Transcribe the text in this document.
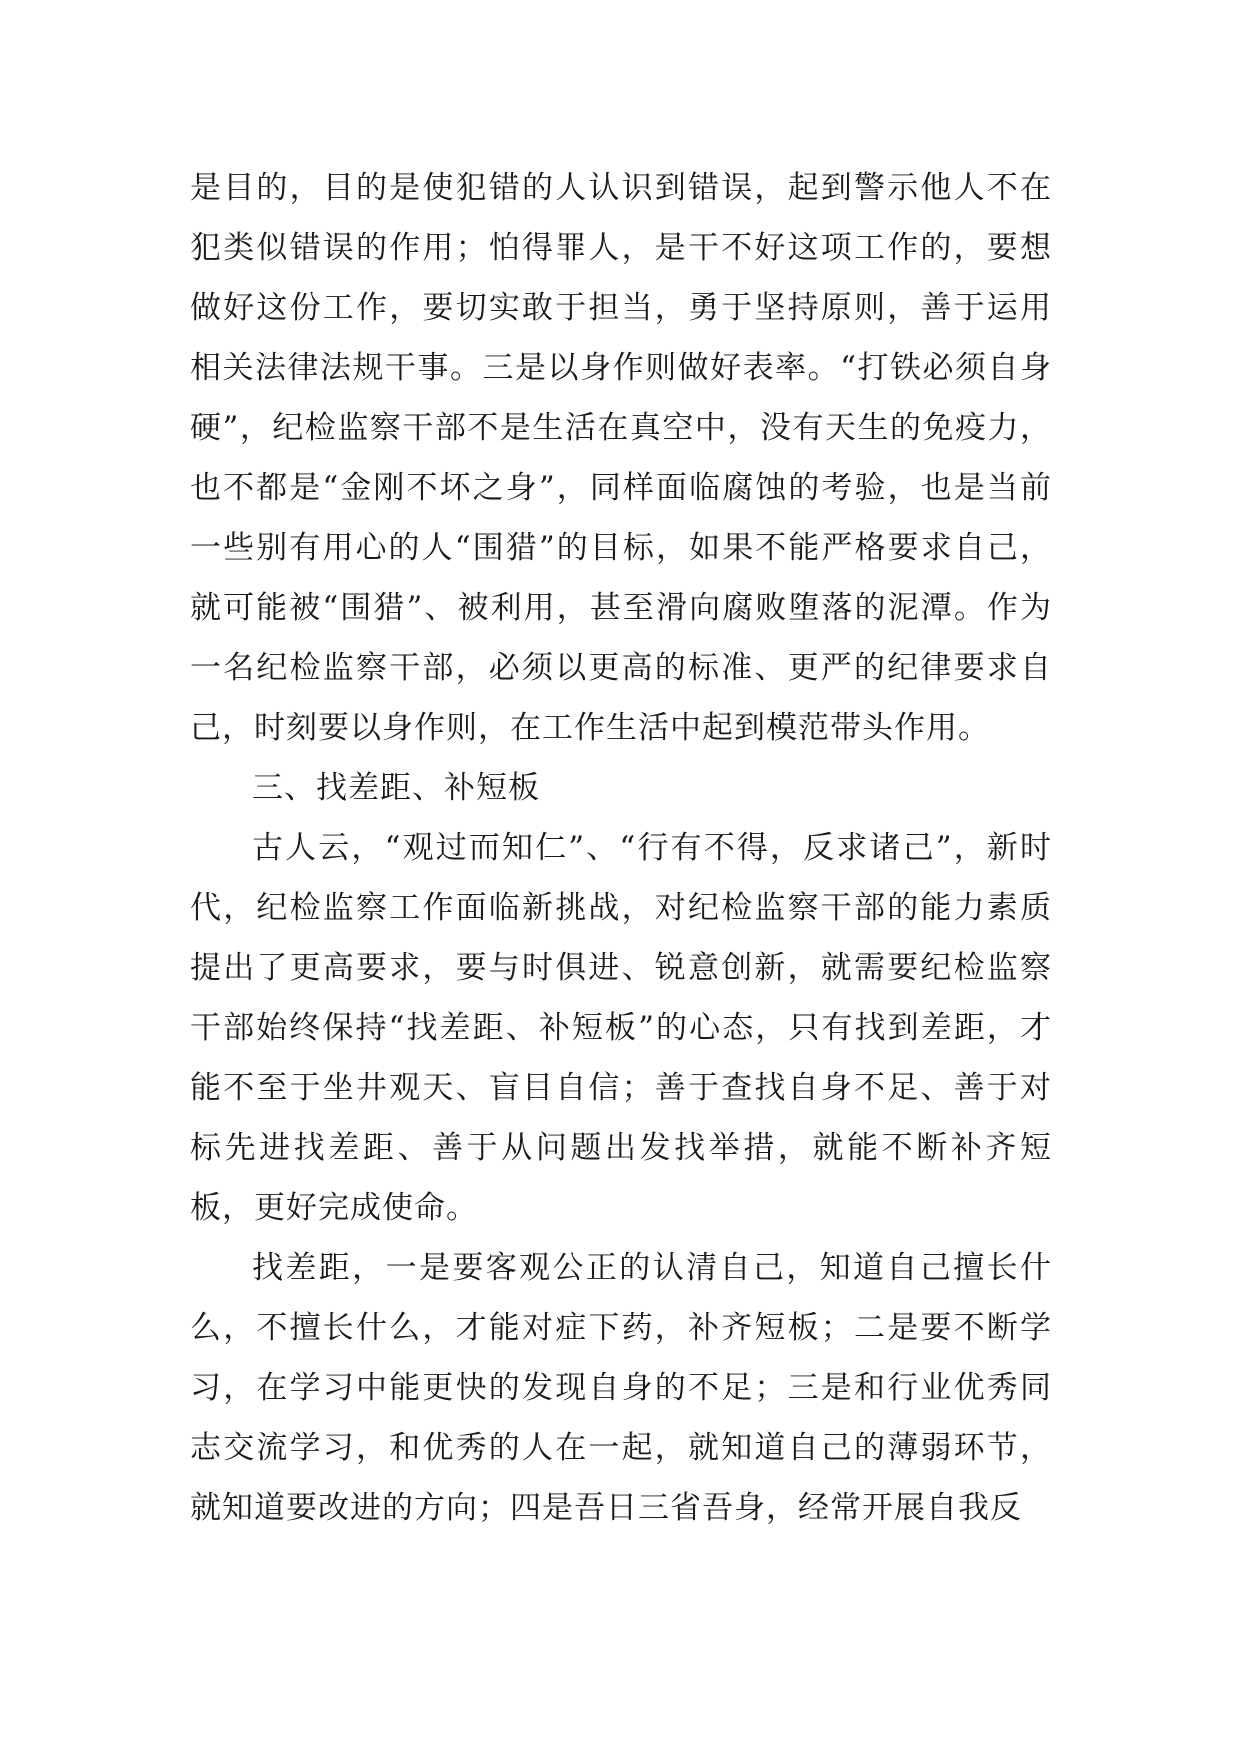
是目的，目的是使犯错的人认识到错误，起到警示他人不在犯类似错误的作用；怕得罪人，是干不好这项工作的，要想做好这份工作，要切实敢于担当，勇于坚持原则，善于运用相关法律法规干事。三是以身作则做好表率。“打铁必须自身硬”，纪检监察干部不是生活在真空中，没有天生的免疫力，也不都是“金刚不坏之身”，同样面临腐蚀的考验，也是当前一些别有用心的人“围猎”的目标，如果不能严格要求自己，就可能被“围猎”、被利用，甚至滑向腐败堕落的泥潭。作为一名纪检监察干部，必须以更高的标准、更严的纪律要求自己，时刻要以身作则，在工作生活中起到模范带头作用。

三、找差距、补短板

古人云，“观过而知仁”、“行有不得，反求诸己”，新时代，纪检监察工作面临新挑战，对纪检监察干部的能力素质提出了更高要求，要与时俱进、锐意创新，就需要纪检监察干部始终保持“找差距、补短板”的心态，只有找到差距，才能不至于坐井观天、盲目自信；善于查找自身不足、善于对标先进找差距、善于从问题出发找举措，就能不断补齐短板，更好完成使命。

找差距，一是要客观公正的认清自己，知道自己擅长什么，不擅长什么，才能对症下药，补齐短板；二是要不断学习，在学习中能更快的发现自身的不足；三是和行业优秀同志交流学习，和优秀的人在一起，就知道自己的薄弱环节，就知道要改进的方向；四是吾日三省吾身，经常开展自我反
